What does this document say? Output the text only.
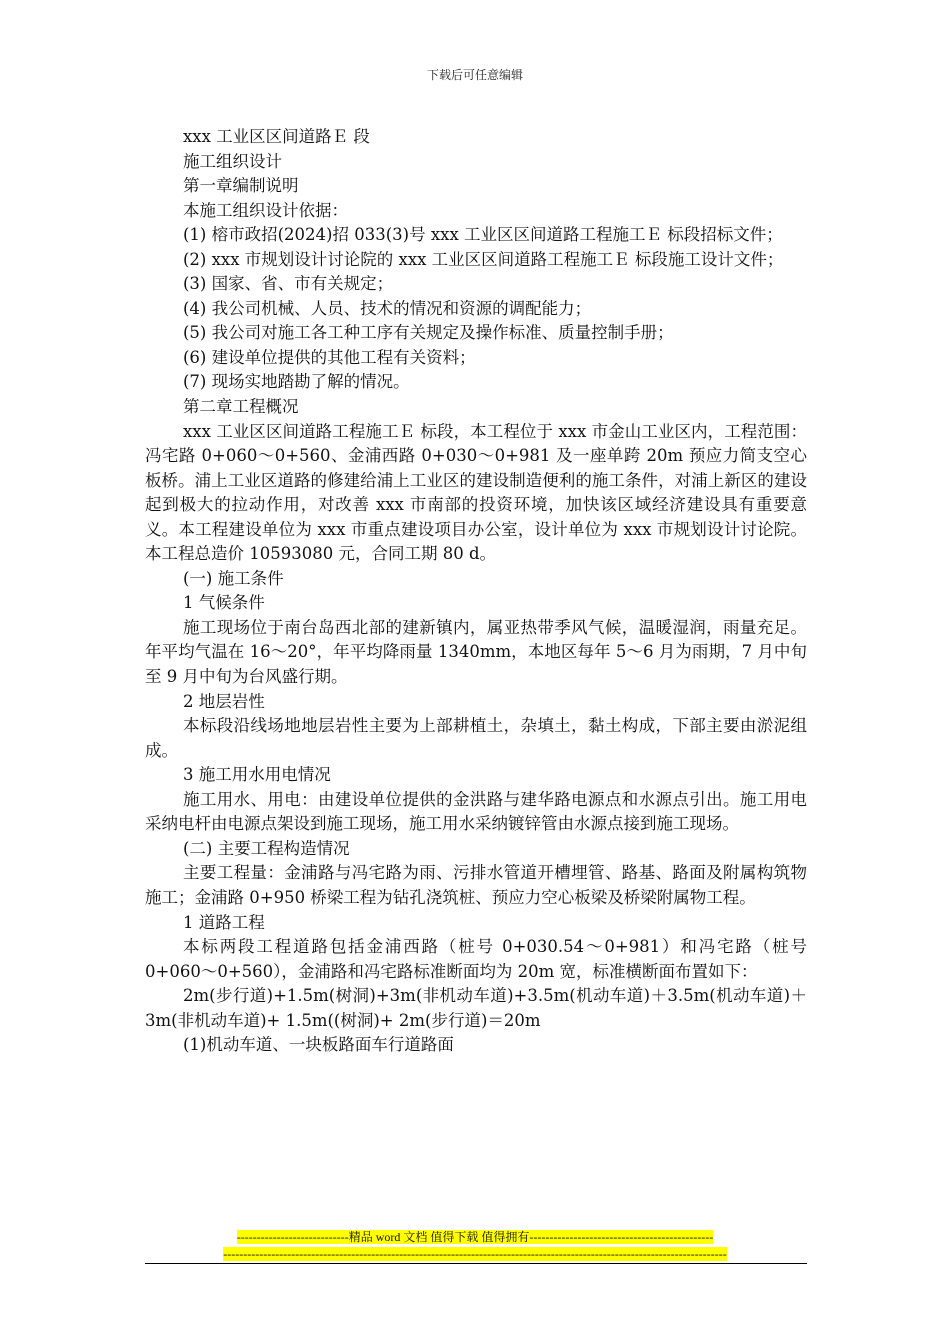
下载后可任意编辑

xxx 工业区区间道路Ｅ 段

施工组织设计

第一章编制说明

本施工组织设计依据：

(1) 榕市政招(2024)招 033(3)号 xxx 工业区区间道路工程施工Ｅ 标段招标文件；

(2) xxx 市规划设计讨论院的 xxx 工业区区间道路工程施工Ｅ 标段施工设计文件；

(3) 国家、省、市有关规定；

(4) 我公司机械、人员、技术的情况和资源的调配能力；

(5) 我公司对施工各工种工序有关规定及操作标准、质量控制手册；

(6) 建设单位提供的其他工程有关资料；

(7) 现场实地踏勘了解的情况。

第二章工程概况

xxx 工业区区间道路工程施工Ｅ 标段，本工程位于 xxx 市金山工业区内，工程范围：冯宅路 0+060～0+560、金浦西路 0+030～0+981 及一座单跨 20m 预应力简支空心板桥。浦上工业区道路的修建给浦上工业区的建设制造便利的施工条件，对浦上新区的建设起到极大的拉动作用，对改善 xxx 市南部的投资环境，加快该区域经济建设具有重要意义。本工程建设单位为 xxx 市重点建设项目办公室，设计单位为 xxx 市规划设计讨论院。本工程总造价 10593080 元，合同工期 80 d。

(一) 施工条件

1 气候条件

施工现场位于南台岛西北部的建新镇内，属亚热带季风气候，温暖湿润，雨量充足。年平均气温在 16～20°，年平均降雨量 1340mm，本地区每年 5～6 月为雨期，7 月中旬至 9 月中旬为台风盛行期。

2 地层岩性

本标段沿线场地地层岩性主要为上部耕植土，杂填土，黏土构成，下部主要由淤泥组成。

3 施工用水用电情况

施工用水、用电：由建设单位提供的金洪路与建华路电源点和水源点引出。施工用电采纳电杆由电源点架设到施工现场，施工用水采纳镀锌管由水源点接到施工现场。

(二) 主要工程构造情况

主要工程量：金浦路与冯宅路为雨、污排水管道开槽埋管、路基、路面及附属构筑物施工；金浦路 0+950 桥梁工程为钻孔浇筑桩、预应力空心板梁及桥梁附属物工程。

1 道路工程

本标两段工程道路包括金浦西路（桩号 0+030.54～0+981）和冯宅路（桩号 0+060～0+560），金浦路和冯宅路标准断面均为 20m 宽，标准横断面布置如下：

2m(步行道)+1.5m(树洞)+3m(非机动车道)+3.5m(机动车道)＋3.5m(机动车道)＋3m(非机动车道)+ 1.5m((树洞)+ 2m(步行道)＝20m

(1)机动车道、一块板路面车行道路面

----------------------------精品 word 文档 值得下载 值得拥有----------------------------------------------
------------------------------------------------------------------------------------------------------------------------------
